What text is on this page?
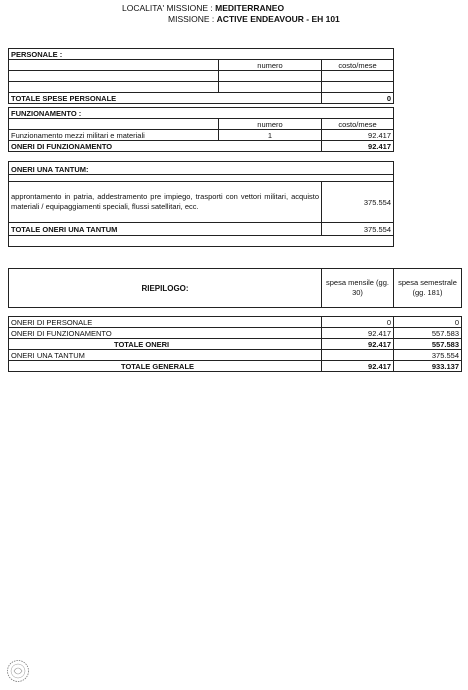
LOCALITA' MISSIONE : MEDITERRANEO
MISSIONE : ACTIVE ENDEAVOUR - EH 101
PERSONALE :		
	numero	costo/mese

TOTALE SPESE PERSONALE		0
FUNZIONAMENTO :		
	numero	costo/mese
Funzionamento mezzi militari e materiali	1	92.417
ONERI DI FUNZIONAMENTO		92.417
ONERI UNA TANTUM:	

approntamento in patria, addestramento pre impiego, trasporti con vettori militari, acquisto materiali / equipaggiamenti speciali, flussi satellitari, ecc.	375.554
TOTALE ONERI UNA TANTUM	375.554

RIEPILOGO:	spesa mensile (gg. 30)	spesa semestrale (gg. 181)

ONERI DI PERSONALE	0	0
ONERI DI FUNZIONAMENTO	92.417	557.583
TOTALE ONERI	92.417	557.583
ONERI UNA TANTUM		375.554
TOTALE GENERALE	92.417	933.137
